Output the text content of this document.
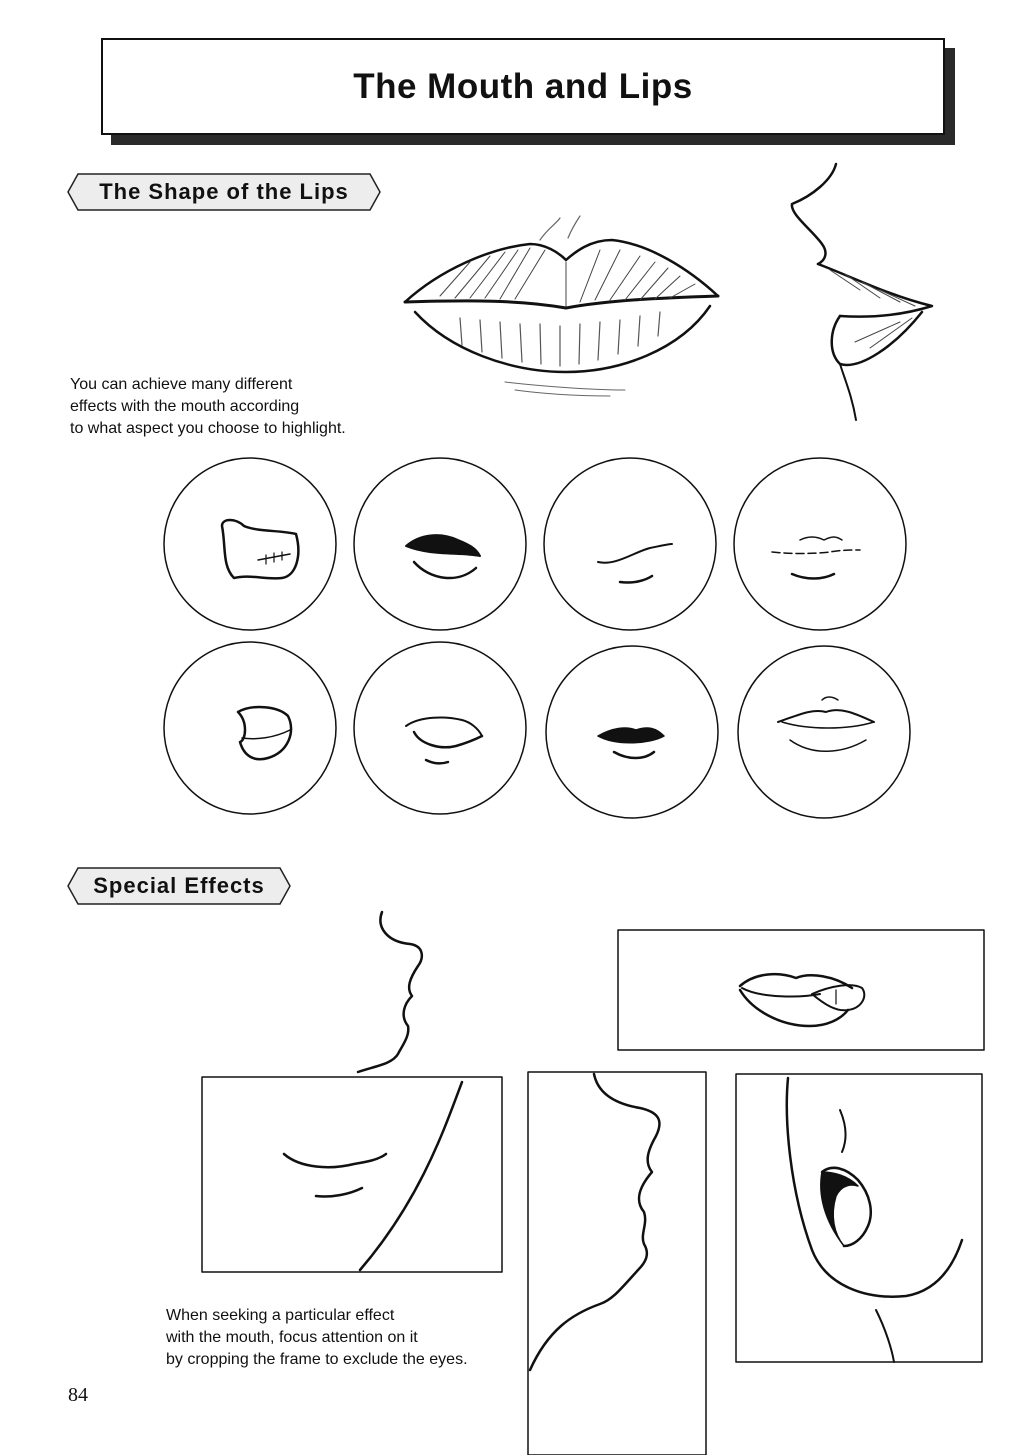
The Mouth and Lips
The Shape of the Lips
Special Effects
You can achieve many different
effects with the mouth according
to what aspect you choose to highlight.
When seeking a particular effect
with the mouth, focus attention on it
by cropping the frame to exclude the eyes.
84
